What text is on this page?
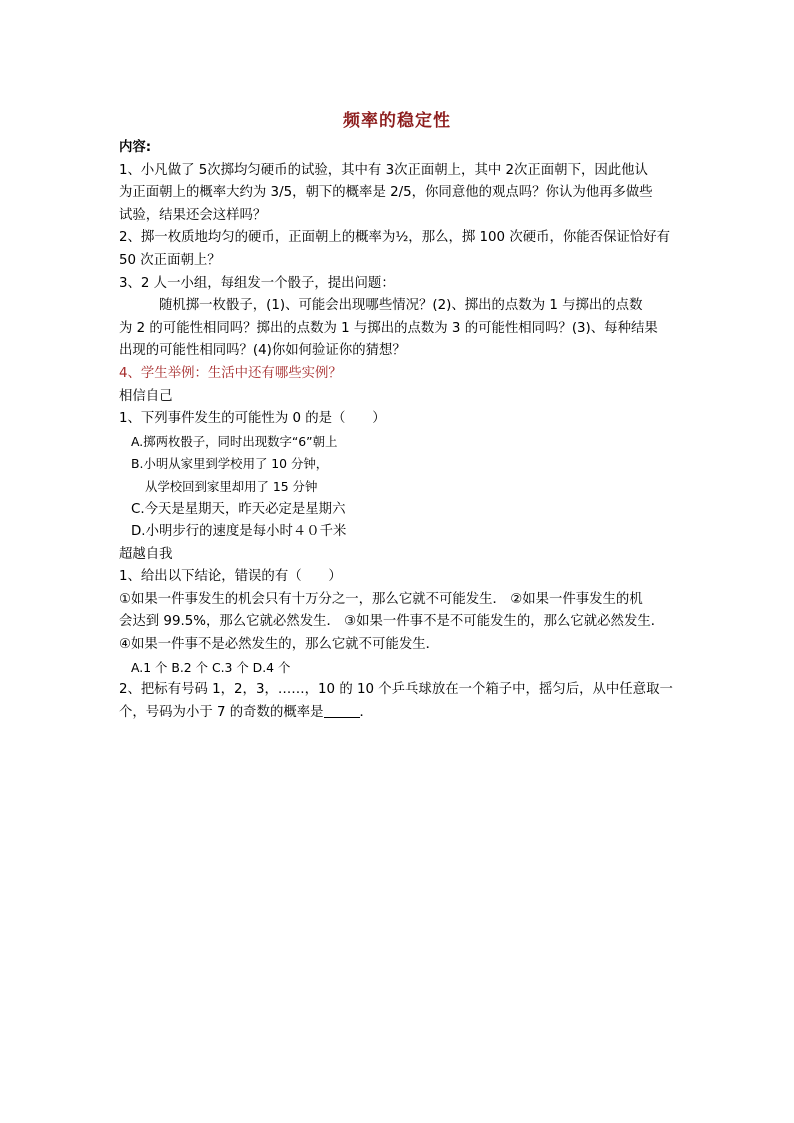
频率的稳定性
内容:
1、小凡做了 5次掷均匀硬币的试验，其中有 3次正面朝上，其中 2次正面朝下，因此他认
为正面朝上的概率大约为 3/5，朝下的概率是 2/5，你同意他的观点吗？你认为他再多做些
试验，结果还会这样吗？
2、掷一枚质地均匀的硬币，正面朝上的概率为½，那么，掷 100 次硬币，你能否保证恰好有
50 次正面朝上？
3、2 人一小组，每组发一个骰子，提出问题：
随机掷一枚骰子，(1)、可能会出现哪些情况？(2)、掷出的点数为 1 与掷出的点数
为 2 的可能性相同吗？掷出的点数为 1 与掷出的点数为 3 的可能性相同吗？(3)、每种结果
出现的可能性相同吗？(4)你如何验证你的猜想？
4、学生举例：生活中还有哪些实例？
相信自己
1、下列事件发生的可能性为 0 的是（　　）
A.掷两枚骰子，同时出现数字“6”朝上
B.小明从家里到学校用了 10 分钟，
从学校回到家里却用了 15 分钟
C.今天是星期天，昨天必定是星期六
D.小明步行的速度是每小时４０千米
超越自我
1、给出以下结论，错误的有（　　）
①如果一件事发生的机会只有十万分之一，那么它就不可能发生． ②如果一件事发生的机
会达到 99.5%，那么它就必然发生． ③如果一件事不是不可能发生的，那么它就必然发生．
④如果一件事不是必然发生的，那么它就不可能发生．
A.1 个 B.2 个 C.3 个 D.4 个
2、把标有号码 1，2，3，……，10 的 10 个乒乓球放在一个箱子中，摇匀后，从中任意取一
个，号码为小于 7 的奇数的概率是	．
